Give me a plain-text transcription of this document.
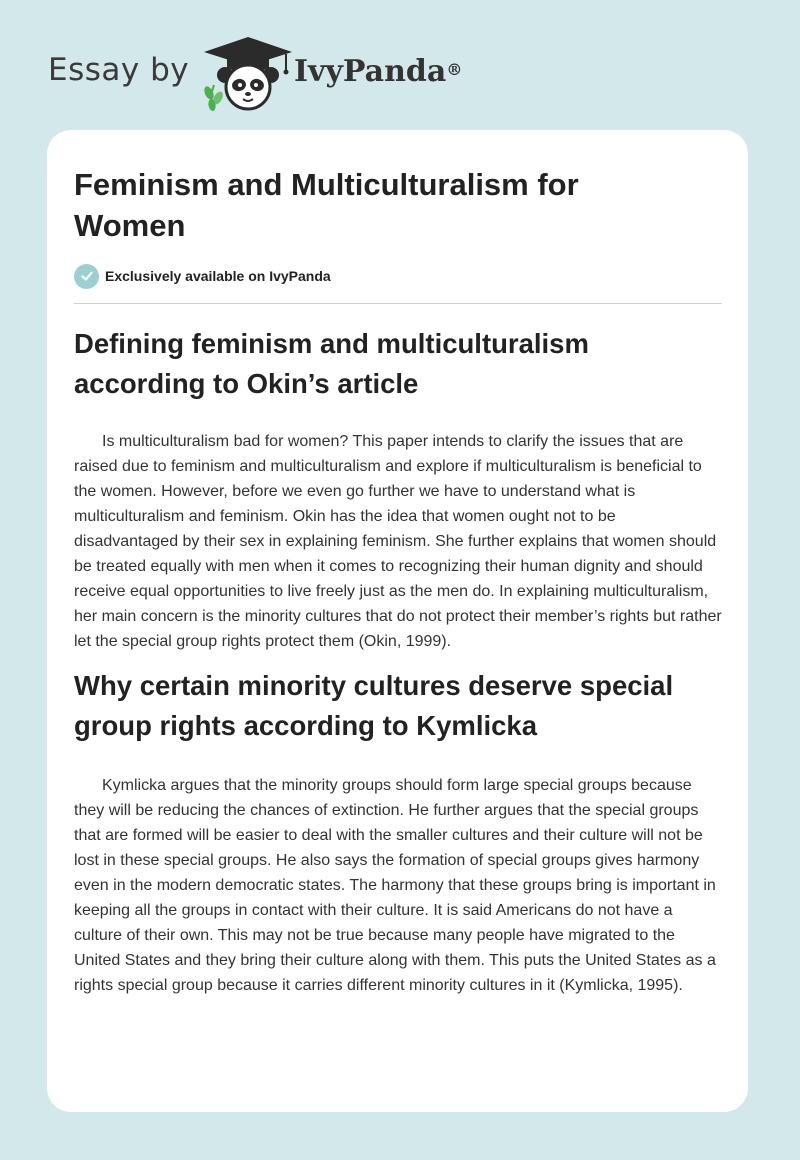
Essay by	IvyPanda®
Feminism and Multiculturalism for Women
Exclusively available on IvyPanda
Defining feminism and multiculturalism according to Okin’s article

Is multiculturalism bad for women? This paper intends to clarify the issues that are raised due to feminism and multiculturalism and explore if multiculturalism is beneficial to the women. However, before we even go further we have to understand what is multiculturalism and feminism. Okin has the idea that women ought not to be disadvantaged by their sex in explaining feminism. She further explains that women should be treated equally with men when it comes to recognizing their human dignity and should receive equal opportunities to live freely just as the men do. In explaining multiculturalism, her main concern is the minority cultures that do not protect their member’s rights but rather let the special group rights protect them (Okin, 1999).

Why certain minority cultures deserve special group rights according to Kymlicka

Kymlicka argues that the minority groups should form large special groups because they will be reducing the chances of extinction. He further argues that the special groups that are formed will be easier to deal with the smaller cultures and their culture will not be lost in these special groups. He also says the formation of special groups gives harmony even in the modern democratic states. The harmony that these groups bring is important in keeping all the groups in contact with their culture. It is said Americans do not have a culture of their own. This may not be true because many people have migrated to the United States and they bring their culture along with them. This puts the United States as a rights special group because it carries different minority cultures in it (Kymlicka, 1995).
